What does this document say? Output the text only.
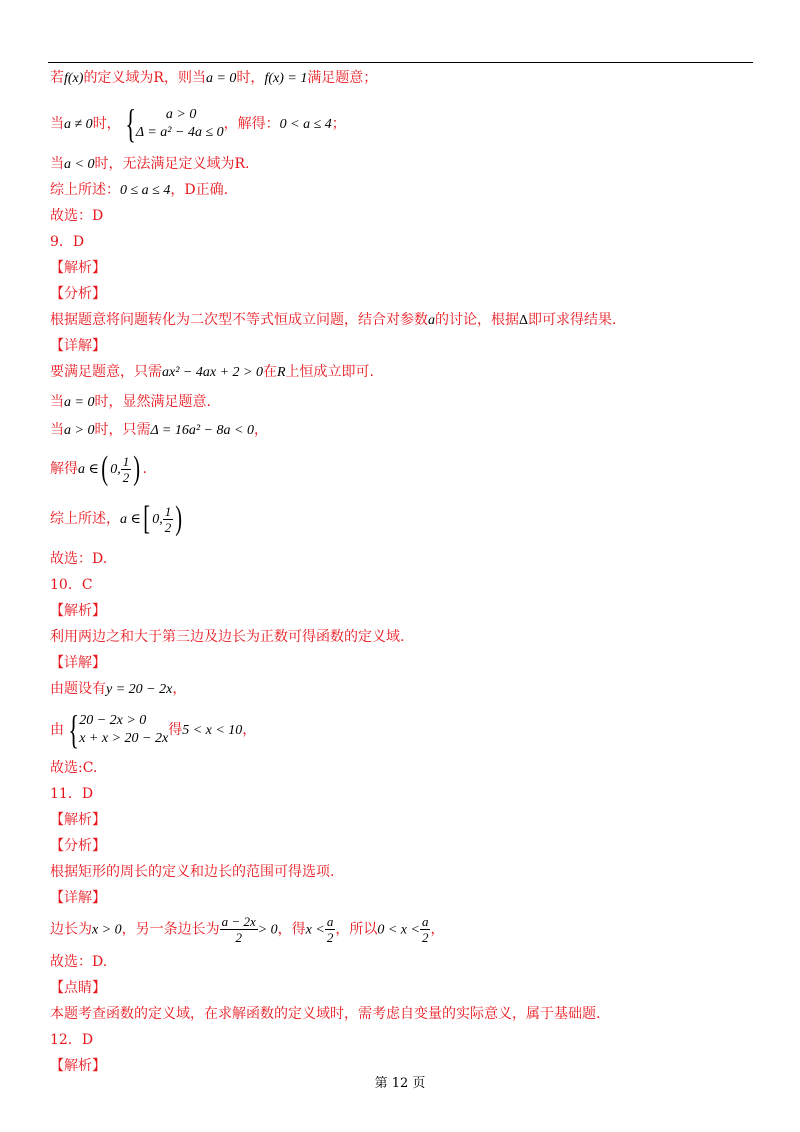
若f(x)的定义域为R，则当a = 0时，f(x) = 1满足题意；
当a ≠ 0时， {	a > 0
Δ = a² − 4a ≤ 0
，解得：0 < a ≤ 4；
当a < 0时，无法满足定义域为R.
综上所述：0 ≤ a ≤ 4，D正确.
故选：D
9．D
【解析】
【分析】
根据题意将问题转化为二次型不等式恒成立问题，结合对参数a的讨论，根据Δ即可求得结果.
【详解】
要满足题意，只需ax² − 4ax + 2 > 0在R上恒成立即可.
当a = 0时，显然满足题意.
当a > 0时，只需Δ = 16a² − 8a < 0，
解得a ∈( 0, $\frac{1}{2}$ ) .
综上所述，a ∈[ 0, $\frac{1}{2}$ )
故选：D.
10．C
【解析】
利用两边之和大于第三边及边长为正数可得函数的定义域.
【详解】
由题设有y = 20 − 2x，
由 { 20 − 2x > 0
x + x > 20 − 2x
得5 < x < 10，
故选:C.
11．D
【解析】
【分析】
根据矩形的周长的定义和边长的范围可得选项.
【详解】
边长为x > 0，另一条边长为 $\frac{a - 2x}{2} > 0$，得$x < \frac{a}{2}$ ，所以$0 < x < \frac{a}{2}$ ，
故选：D.
【点睛】
本题考查函数的定义域，在求解函数的定义域时，需考虑自变量的实际意义，属于基础题.
12．D
【解析】
第 12 页
